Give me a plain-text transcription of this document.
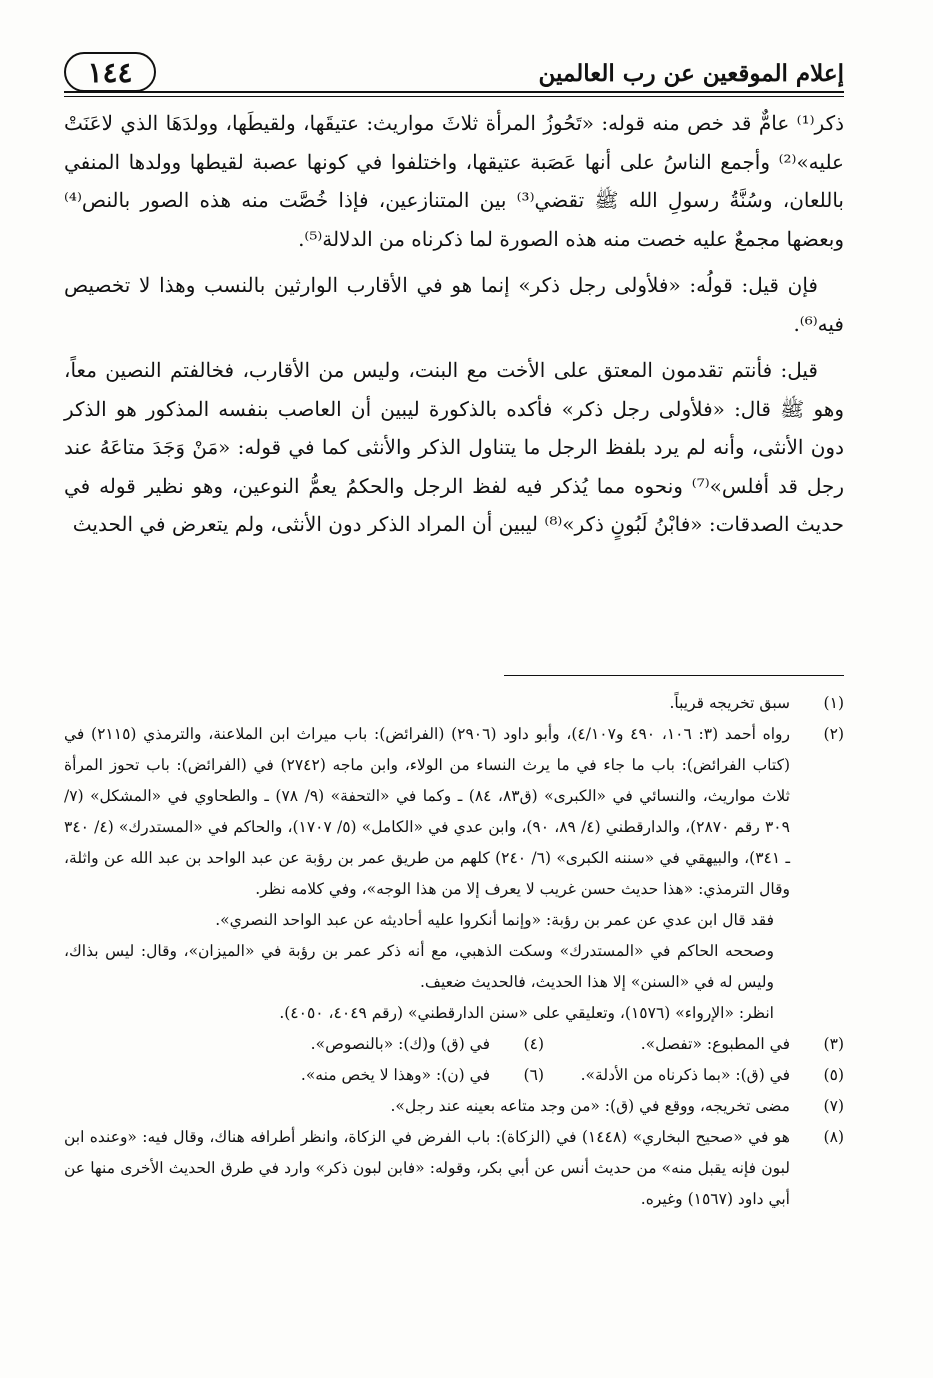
إعلام الموقعين عن رب العالمين
١٤٤

ذكر⁽¹⁾ عامٌّ قد خص منه قوله: «تَحُوزُ المرأة ثلاثَ مواريث: عتيقَها، ولقيطَها، وولدَهَا الذي لاعَنَتْ عليه»⁽²⁾ وأجمع الناسُ على أنها عَصَبة عتيقها، واختلفوا في كونها عصبة لقيطها وولدها المنفي باللعان، وسُنَّةُ رسولِ الله ﷺ تقضي⁽³⁾ بين المتنازعين، فإذا خُصَّت منه هذه الصور بالنص⁽⁴⁾ وبعضها مجمعٌ عليه خصت منه هذه الصورة لما ذكرناه من الدلالة⁽⁵⁾.

فإن قيل: قولُه: «فلأولى رجل ذكر» إنما هو في الأقارب الوارثين بالنسب وهذا لا تخصيص فيه⁽⁶⁾.

قيل: فأنتم تقدمون المعتق على الأخت مع البنت، وليس من الأقارب، فخالفتم النصين معاً، وهو ﷺ قال: «فلأولى رجل ذكر» فأكده بالذكورة ليبين أن العاصب بنفسه المذكور هو الذكر دون الأنثى، وأنه لم يرد بلفظ الرجل ما يتناول الذكر والأنثى كما في قوله: «مَنْ وَجَدَ متاعَهُ عند رجل قد أفلس»⁽⁷⁾ ونحوه مما يُذكر فيه لفظ الرجل والحكمُ يعمُّ النوعين، وهو نظير قوله في حديث الصدقات: «فابْنُ لَبُونٍ ذكر»⁽⁸⁾ ليبين أن المراد الذكر دون الأنثى، ولم يتعرض في الحديث

(١)
سبق تخريجه قريباً.
(٢)
رواه أحمد (٣: ١٠٦، ٤٩٠ و٤/١٠٧)، وأبو داود (٢٩٠٦) (الفرائض): باب ميراث ابن الملاعنة، والترمذي (٢١١٥) في (كتاب الفرائض): باب ما جاء في ما يرث النساء من الولاء، وابن ماجه (٢٧٤٢) في (الفرائض): باب تحوز المرأة ثلاث مواريث، والنسائي في «الكبرى» (ق٨٣، ٨٤) ـ وكما في «التحفة» (٩/ ٧٨) ـ والطحاوي في «المشكل» (٧/ ٣٠٩ رقم ٢٨٧٠)، والدارقطني (٤/ ٨٩، ٩٠)، وابن عدي في «الكامل» (٥/ ١٧٠٧)، والحاكم في «المستدرك» (٤/ ٣٤٠ ـ ٣٤١)، والبيهقي في «سننه الكبرى» (٦/ ٢٤٠) كلهم من طريق عمر بن رؤبة عن عبد الواحد بن عبد الله عن واثلة، وقال الترمذي: «هذا حديث حسن غريب لا يعرف إلا من هذا الوجه»، وفي كلامه نظر.
فقد قال ابن عدي عن عمر بن رؤبة: «وإنما أنكروا عليه أحاديثه عن عبد الواحد النصري».
وصححه الحاكم في «المستدرك» وسكت الذهبي، مع أنه ذكر عمر بن رؤبة في «الميزان»، وقال: ليس بذاك، وليس له في «السنن» إلا هذا الحديث، فالحديث ضعيف.
انظر: «الإرواء» (١٥٧٦)، وتعليقي على «سنن الدارقطني» (رقم ٤٠٤٩، ٤٠٥٠).
(٣)
في المطبوع: «تفصل».
(٤)
في (ق) و(ك): «بالنصوص».
(٥)
في (ق): «بما ذكرناه من الأدلة».
(٦)
في (ن): «وهذا لا يخص منه».
(٧)
مضى تخريجه، ووقع في (ق): «من وجد متاعه بعينه عند رجل».
(٨)
هو في «صحيح البخاري» (١٤٤٨) في (الزكاة): باب الفرض في الزكاة، وانظر أطرافه هناك، وقال فيه: «وعنده ابن لبون فإنه يقبل منه» من حديث أنس عن أبي بكر، وقوله: «فابن لبون ذكر» وارد في طرق الحديث الأخرى منها عن أبي داود (١٥٦٧) وغيره.
